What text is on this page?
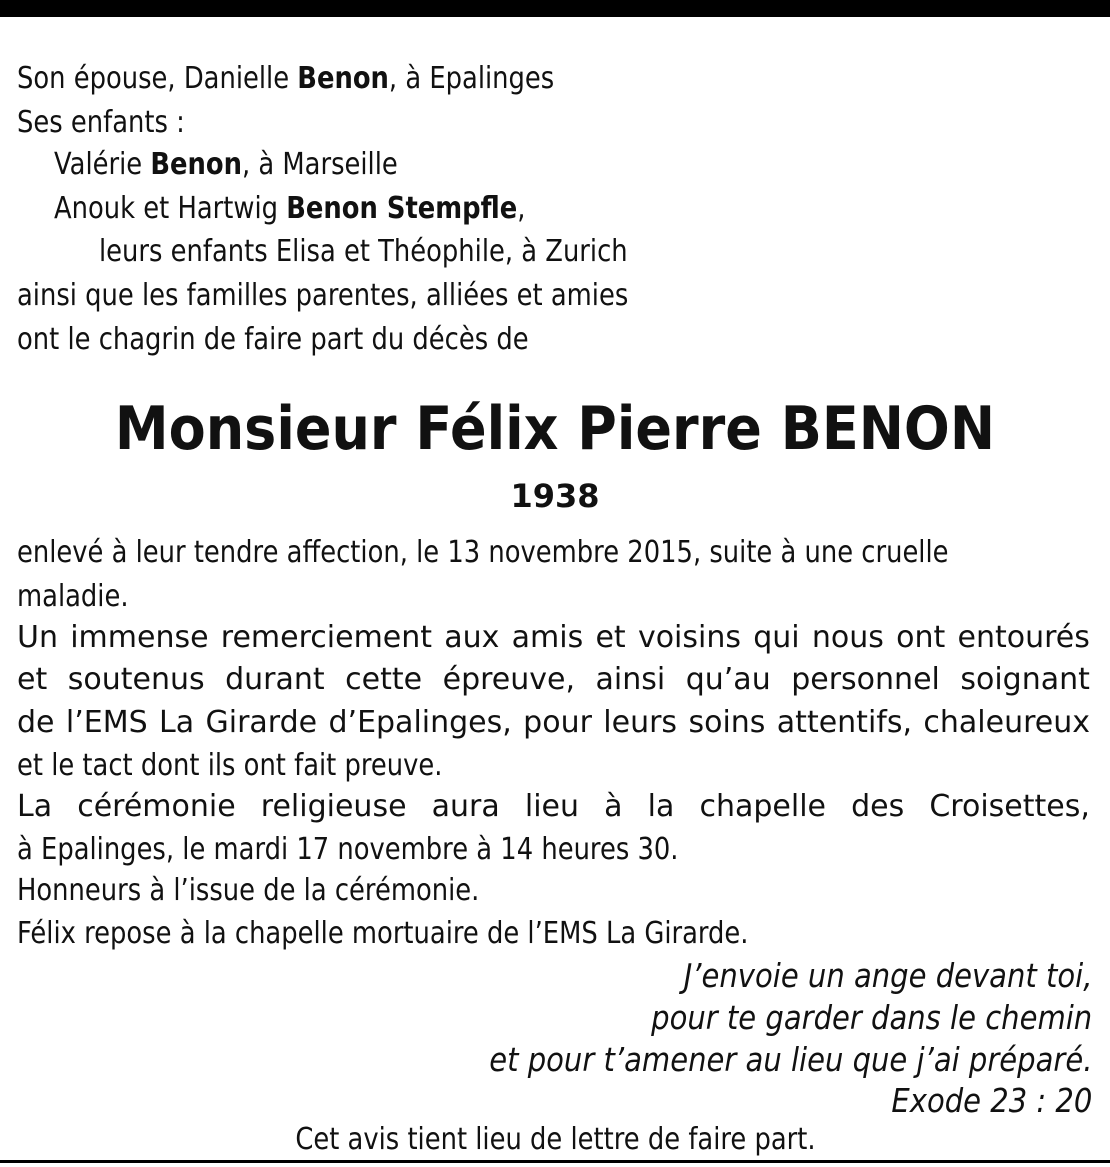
Son épouse, Danielle Benon, à Epalinges
Ses enfants :
Valérie Benon, à Marseille
Anouk et Hartwig Benon Stempfle,
leurs enfants Elisa et Théophile, à Zurich
ainsi que les familles parentes, alliées et amies
ont le chagrin de faire part du décès de
Monsieur Félix Pierre BENON
1938
enlevé à leur tendre affection, le 13 novembre 2015, suite à une cruelle
maladie.
Un immense remerciement aux amis et voisins qui nous ont entourés
et soutenus durant cette épreuve, ainsi qu’au personnel soignant
de l’EMS La Girarde d’Epalinges, pour leurs soins attentifs, chaleureux
et le tact dont ils ont fait preuve.
La cérémonie religieuse aura lieu à la chapelle des Croisettes,
à Epalinges, le mardi 17 novembre à 14 heures 30.
Honneurs à l’issue de la cérémonie.
Félix repose à la chapelle mortuaire de l’EMS La Girarde.
J’envoie un ange devant toi,
pour te garder dans le chemin
et pour t’amener au lieu que j’ai préparé.
Exode 23 : 20
Cet avis tient lieu de lettre de faire part.
